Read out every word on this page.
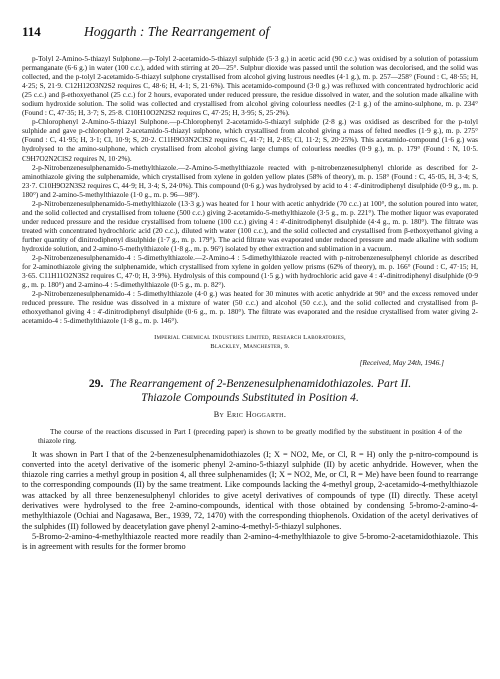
114	Hoggarth : The Rearrangement of

p-Tolyl 2-Amino-5-thiazyl Sulphone.—p-Tolyl 2-acetamido-5-thiazyl sulphide (5·3 g.) in acetic acid (90 c.c.) was oxidised by a solution of potassium permanganate (6·6 g.) in water (100 c.c.), added with stirring at 20—25°. Sulphur dioxide was passed until the solution was decolorised, and the solid was collected, and the p-tolyl 2-acetamido-5-thiazyl sulphone crystallised from alcohol giving lustrous needles (4·1 g.), m. p. 257—258° (Found : C, 48·55; H, 4·25; S, 21·9. C12H12O3N2S2 requires C, 48·6; H, 4·1; S, 21·6%). This acetamido-compound (3·0 g.) was refluxed with concentrated hydrochloric acid (25 c.c.) and β-ethoxyethanol (25 c.c.) for 2 hours, evaporated under reduced pressure, the residue dissolved in water, and the solution made alkaline with sodium hydroxide solution. The solid was collected and crystallised from alcohol giving colourless needles (2·1 g.) of the amino-sulphone, m. p. 234° (Found : C, 47·35; H, 3·7; S, 25·8. C10H10O2N2S2 requires C, 47·25; H, 3·95; S, 25·2%).

p-Chlorophenyl 2-Amino-5-thiazyl Sulphone.—p-Chlorophenyl 2-acetamido-5-thiazyl sulphide (2·8 g.) was oxidised as described for the p-tolyl sulphide and gave p-chlorophenyl 2-acetamido-5-thiazyl sulphone, which crystallised from alcohol giving a mass of felted needles (1·9 g.), m. p. 275° (Found : C, 41·95; H, 3·1; Cl, 10·9; S, 20·2. C11H9O3N2ClS2 requires C, 41·7; H, 2·85; Cl, 11·2; S, 20·25%). This acetamido-compound (1·6 g.) was hydrolysed to the amino-sulphone, which crystallised from alcohol giving large clumps of colourless needles (0·9 g.), m. p. 179° (Found : N, 10·5. C9H7O2N2ClS2 requires N, 10·2%).

2-p-Nitrobenzenesulphenamido-5-methylthiazole.—2-Amino-5-methylthiazole reacted with p-nitrobenzenesulphenyl chloride as described for 2-aminothiazole giving the sulphenamide, which crystallised from xylene in golden yellow plates (58% of theory), m. p. 158° (Found : C, 45·05, H, 3·4; S, 23·7. C10H9O2N3S2 requires C, 44·9; H, 3·4; S, 24·0%). This compound (0·6 g.) was hydrolysed by acid to 4 : 4'-dinitrodiphenyl disulphide (0·9 g., m. p. 180°) and 2-amino-5-methylthiazole (1·0 g., m. p. 96—98°).

2-p-Nitrobenzenesulphenamido-5-methylthiazole (13·3 g.) was heated for 1 hour with acetic anhydride (70 c.c.) at 100°, the solution poured into water, and the solid collected and crystallised from toluene (500 c.c.) giving 2-acetamido-5-methylthiazole (3·5 g., m. p. 221°). The mother liquor was evaporated under reduced pressure and the residue crystallised from toluene (100 c.c.) giving 4 : 4'-dinitrodiphenyl disulphide (4·4 g., m. p. 180°). The filtrate was treated with concentrated hydrochloric acid (20 c.c.), diluted with water (100 c.c.), and the solid collected and crystallised from β-ethoxyethanol giving a further quantity of dinitrodiphenyl disulphide (1·7 g., m. p. 179°). The acid filtrate was evaporated under reduced pressure and made alkaline with sodium hydroxide solution, and 2-amino-5-methylthiazole (1·8 g., m. p. 96°) isolated by ether extraction and sublimation in a vacuum.

2-p-Nitrobenzenesulphenamido-4 : 5-dimethylthiazole.—2-Amino-4 : 5-dimethylthiazole reacted with p-nitrobenzenesulphenyl chloride as described for 2-aminothiazole giving the sulphenamide, which crystallised from xylene in golden yellow prisms (62% of theory), m. p. 166° (Found : C, 47·15; H, 3·65. C11H11O2N3S2 requires C, 47·0; H, 3·9%). Hydrolysis of this compound (1·5 g.) with hydrochloric acid gave 4 : 4'-dinitrodiphenyl disulphide (0·9 g., m. p. 180°) and 2-amino-4 : 5-dimethylthiazole (0·5 g., m. p. 82°).

2-p-Nitrobenzenesulphenamido-4 : 5-dimethylthiazole (4·0 g.) was heated for 30 minutes with acetic anhydride at 90° and the excess removed under reduced pressure. The residue was dissolved in a mixture of water (50 c.c.) and alcohol (50 c.c.), and the solid collected and crystallised from β-ethoxyethanol giving 4 : 4'-dinitrodiphenyl disulphide (0·6 g., m. p. 180°). The filtrate was evaporated and the residue crystallised from water giving 2-acetamido-4 : 5-dimethylthiazole (1·8 g., m. p. 146°).

Imperial Chemical Industries Limited, Research Laboratories,
Blackley, Manchester, 9.
[Received, May 24th, 1946.]
29. The Rearrangement of 2-Benzenesulphenamidothiazoles. Part II.
Thiazole Compounds Substituted in Position 4.
By Eric Hoggarth.

The course of the reactions discussed in Part I (preceding paper) is shown to be greatly modified by the substituent in position 4 of the thiazole ring.

It was shown in Part I that of the 2-benzenesulphenamidothiazoles (I; X = NO2, Me, or Cl, R = H) only the p-nitro-compound is converted into the acetyl derivative of the isomeric phenyl 2-amino-5-thiazyl sulphide (II) by acetic anhydride. However, when the thiazole ring carries a methyl group in position 4, all three sulphenamides (I; X = NO2, Me, or Cl, R = Me) have been found to rearrange to the corresponding compounds (II) by the same treatment. Like compounds lacking the 4-methyl group, 2-acetamido-4-methylthiazole was attacked by all three benzenesulphenyl chlorides to give acetyl derivatives of compounds of type (II) directly. These acetyl derivatives were hydrolysed to the free 2-amino-compounds, identical with those obtained by condensing 5-bromo-2-amino-4-methylthiazole (Ochiai and Nagasawa, Ber., 1939, 72, 1470) with the corresponding thiophenols. Oxidation of the acetyl derivatives of the sulphides (II) followed by deacetylation gave phenyl 2-amino-4-methyl-5-thiazyl sulphones.

5-Bromo-2-amino-4-methylthiazole reacted more readily than 2-amino-4-methylthiazole to give 5-bromo-2-acetamidothiazole. This is in agreement with results for the former bromo
